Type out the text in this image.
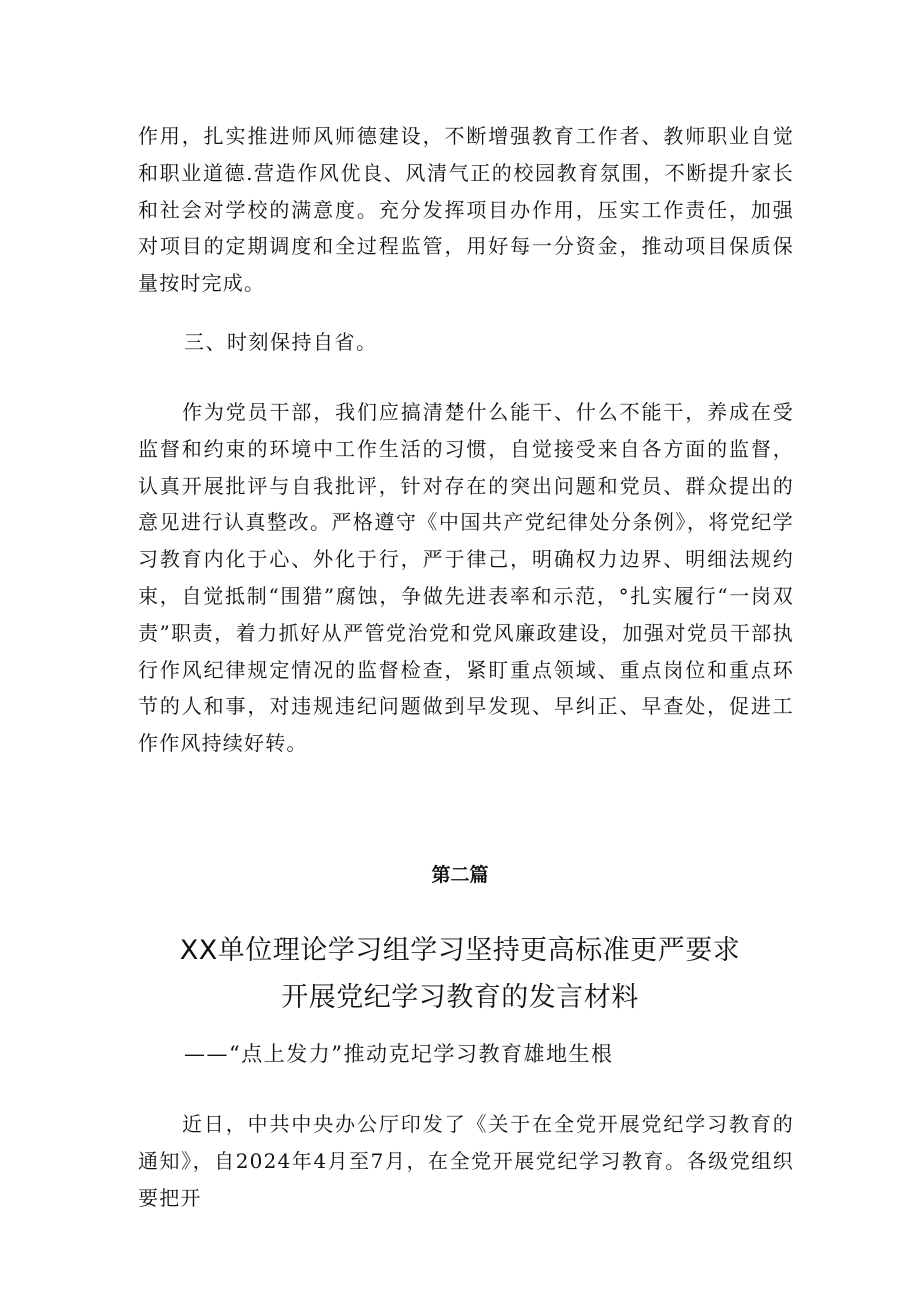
作用，扎实推进师风师德建设，不断增强教育工作者、教师职业自觉和职业道德.营造作风优良、风清气正的校园教育氛围，不断提升家长和社会对学校的满意度。充分发挥项目办作用，压实工作责任，加强对项目的定期调度和全过程监管，用好每一分资金，推动项目保质保量按时完成。

三、时刻保持自省。

作为党员干部，我们应搞清楚什么能干、什么不能干，养成在受监督和约束的环境中工作生活的习惯，自觉接受来自各方面的监督，认真开展批评与自我批评，针对存在的突出问题和党员、群众提出的意见进行认真整改。严格遵守《中国共产党纪律处分条例》，将党纪学习教育内化于心、外化于行，严于律己，明确权力边界、明细法规约束，自觉抵制“围猎”腐蚀，争做先进表率和示范，°扎实履行“一岗双责”职责，着力抓好从严管党治党和党风廉政建设，加强对党员干部执行作风纪律规定情况的监督检查，紧盯重点领域、重点岗位和重点环节的人和事，对违规违纪问题做到早发现、早纠正、早查处，促进工作作风持续好转。

第二篇

XX单位理论学习组学习坚持更高标准更严要求

开展党纪学习教育的发言材料

——“点上发力”推动克圮学习教育雄地生根

近日，中共中央办公厅印发了《关于在全党开展党纪学习教育的通知》，自2024年4月至7月，在全党开展党纪学习教育。各级党组织要把开
